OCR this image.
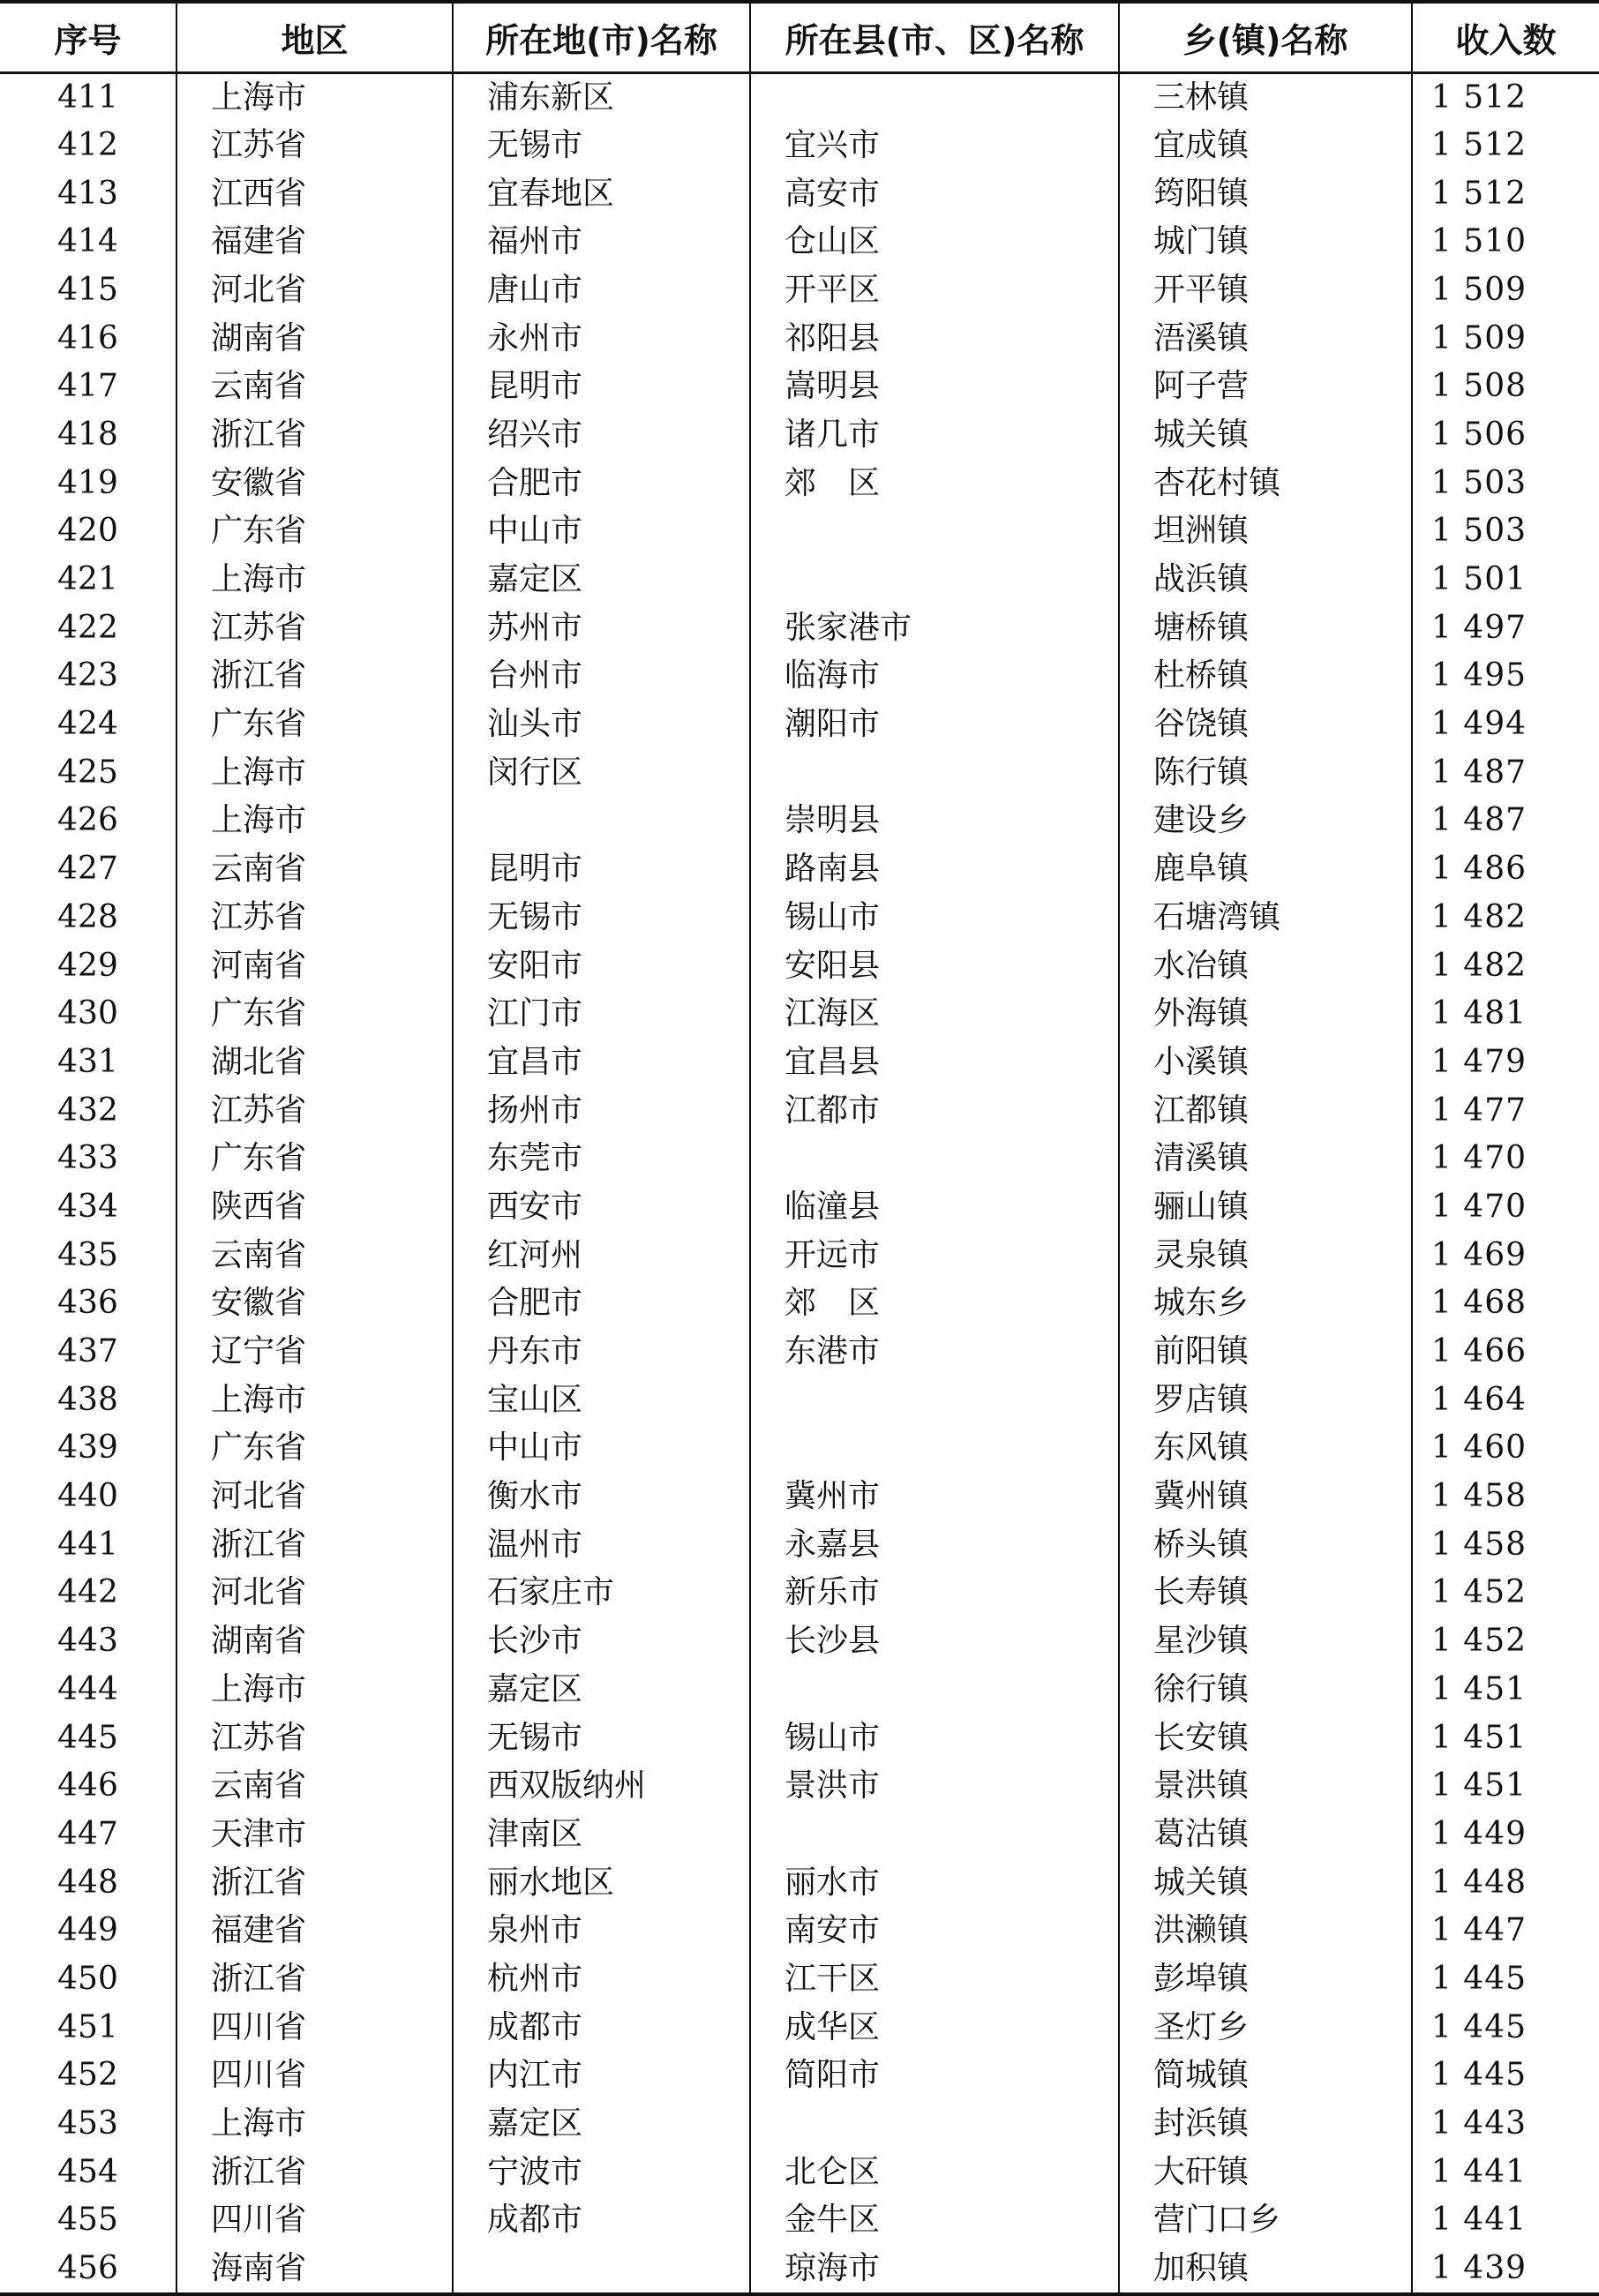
序号	地区	所在地(市)名称	所在县(市、区)名称	乡(镇)名称	收入数
411	上海市	浦东新区		三林镇	1 512
412	江苏省	无锡市	宜兴市	宜成镇	1 512
413	江西省	宜春地区	高安市	筠阳镇	1 512
414	福建省	福州市	仓山区	城门镇	1 510
415	河北省	唐山市	开平区	开平镇	1 509
416	湖南省	永州市	祁阳县	浯溪镇	1 509
417	云南省	昆明市	嵩明县	阿子营	1 508
418	浙江省	绍兴市	诸几市	城关镇	1 506
419	安徽省	合肥市	郊　区	杏花村镇	1 503
420	广东省	中山市		坦洲镇	1 503
421	上海市	嘉定区		战浜镇	1 501
422	江苏省	苏州市	张家港市	塘桥镇	1 497
423	浙江省	台州市	临海市	杜桥镇	1 495
424	广东省	汕头市	潮阳市	谷饶镇	1 494
425	上海市	闵行区		陈行镇	1 487
426	上海市		崇明县	建设乡	1 487
427	云南省	昆明市	路南县	鹿阜镇	1 486
428	江苏省	无锡市	锡山市	石塘湾镇	1 482
429	河南省	安阳市	安阳县	水冶镇	1 482
430	广东省	江门市	江海区	外海镇	1 481
431	湖北省	宜昌市	宜昌县	小溪镇	1 479
432	江苏省	扬州市	江都市	江都镇	1 477
433	广东省	东莞市		清溪镇	1 470
434	陕西省	西安市	临潼县	骊山镇	1 470
435	云南省	红河州	开远市	灵泉镇	1 469
436	安徽省	合肥市	郊　区	城东乡	1 468
437	辽宁省	丹东市	东港市	前阳镇	1 466
438	上海市	宝山区		罗店镇	1 464
439	广东省	中山市		东风镇	1 460
440	河北省	衡水市	冀州市	冀州镇	1 458
441	浙江省	温州市	永嘉县	桥头镇	1 458
442	河北省	石家庄市	新乐市	长寿镇	1 452
443	湖南省	长沙市	长沙县	星沙镇	1 452
444	上海市	嘉定区		徐行镇	1 451
445	江苏省	无锡市	锡山市	长安镇	1 451
446	云南省	西双版纳州	景洪市	景洪镇	1 451
447	天津市	津南区		葛沽镇	1 449
448	浙江省	丽水地区	丽水市	城关镇	1 448
449	福建省	泉州市	南安市	洪濑镇	1 447
450	浙江省	杭州市	江干区	彭埠镇	1 445
451	四川省	成都市	成华区	圣灯乡	1 445
452	四川省	内江市	简阳市	简城镇	1 445
453	上海市	嘉定区		封浜镇	1 443
454	浙江省	宁波市	北仑区	大矸镇	1 441
455	四川省	成都市	金牛区	营门口乡	1 441
456	海南省		琼海市	加积镇	1 439
